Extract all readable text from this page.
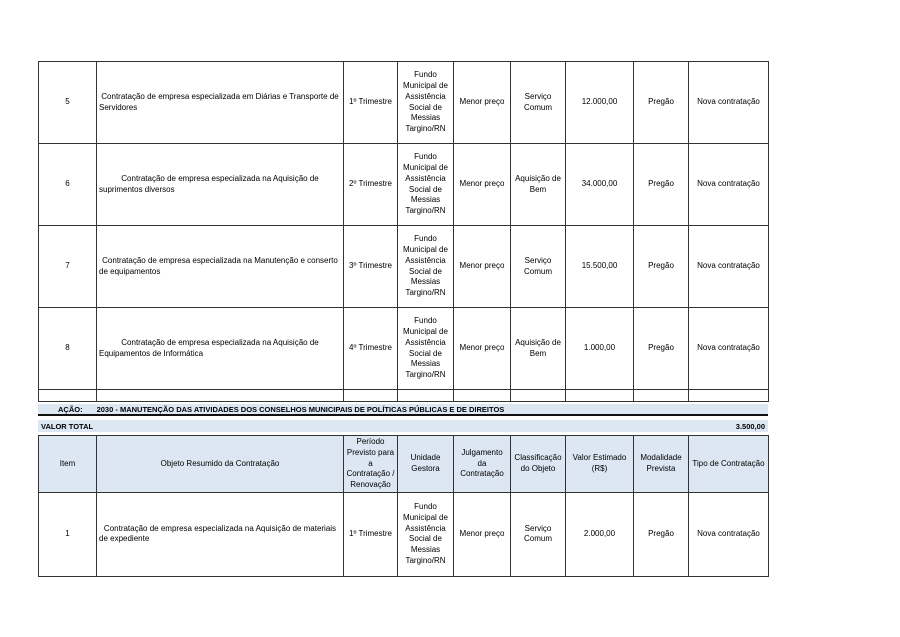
5	Contratação de empresa especializada em Diárias e Transporte de Servidores	1º Trimestre	Fundo Municipal de Assistência Social de Messias Targino/RN	Menor preço	Serviço Comum	12.000,00	Pregão	Nova contratação
6	Contratação de empresa especializada na Aquisição de suprimentos diversos	2º Trimestre	Fundo Municipal de Assistência Social de Messias Targino/RN	Menor preço	Aquisição de Bem	34.000,00	Pregão	Nova contratação
7	Contratação de empresa especializada na Manutenção e conserto de equipamentos	3º Trimestre	Fundo Municipal de Assistência Social de Messias Targino/RN	Menor preço	Serviço Comum	15.500,00	Pregão	Nova contratação
8	Contratação de empresa especializada na Aquisição de Equipamentos de Informática	4º Trimestre	Fundo Municipal de Assistência Social de Messias Targino/RN	Menor preço	Aquisição de Bem	1.000,00	Pregão	Nova contratação

AÇÃO: 2030 - MANUTENÇÃO DAS ATIVIDADES DOS CONSELHOS MUNICIPAIS DE POLÍTICAS PÚBLICAS E DE DIREITOS
VALOR TOTAL	3.500,00
Item	Objeto Resumido da Contratação	Período Previsto para a Contratação / Renovação	Unidade Gestora	Julgamento da Contratação	Classificação do Objeto	Valor Estimado (R$)	Modalidade Prevista	Tipo de Contratação
1	Contratação de empresa especializada na Aquisição de materiais de expediente	1º Trimestre	Fundo Municipal de Assistência Social de Messias Targino/RN	Menor preço	Serviço Comum	2.000,00	Pregão	Nova contratação
